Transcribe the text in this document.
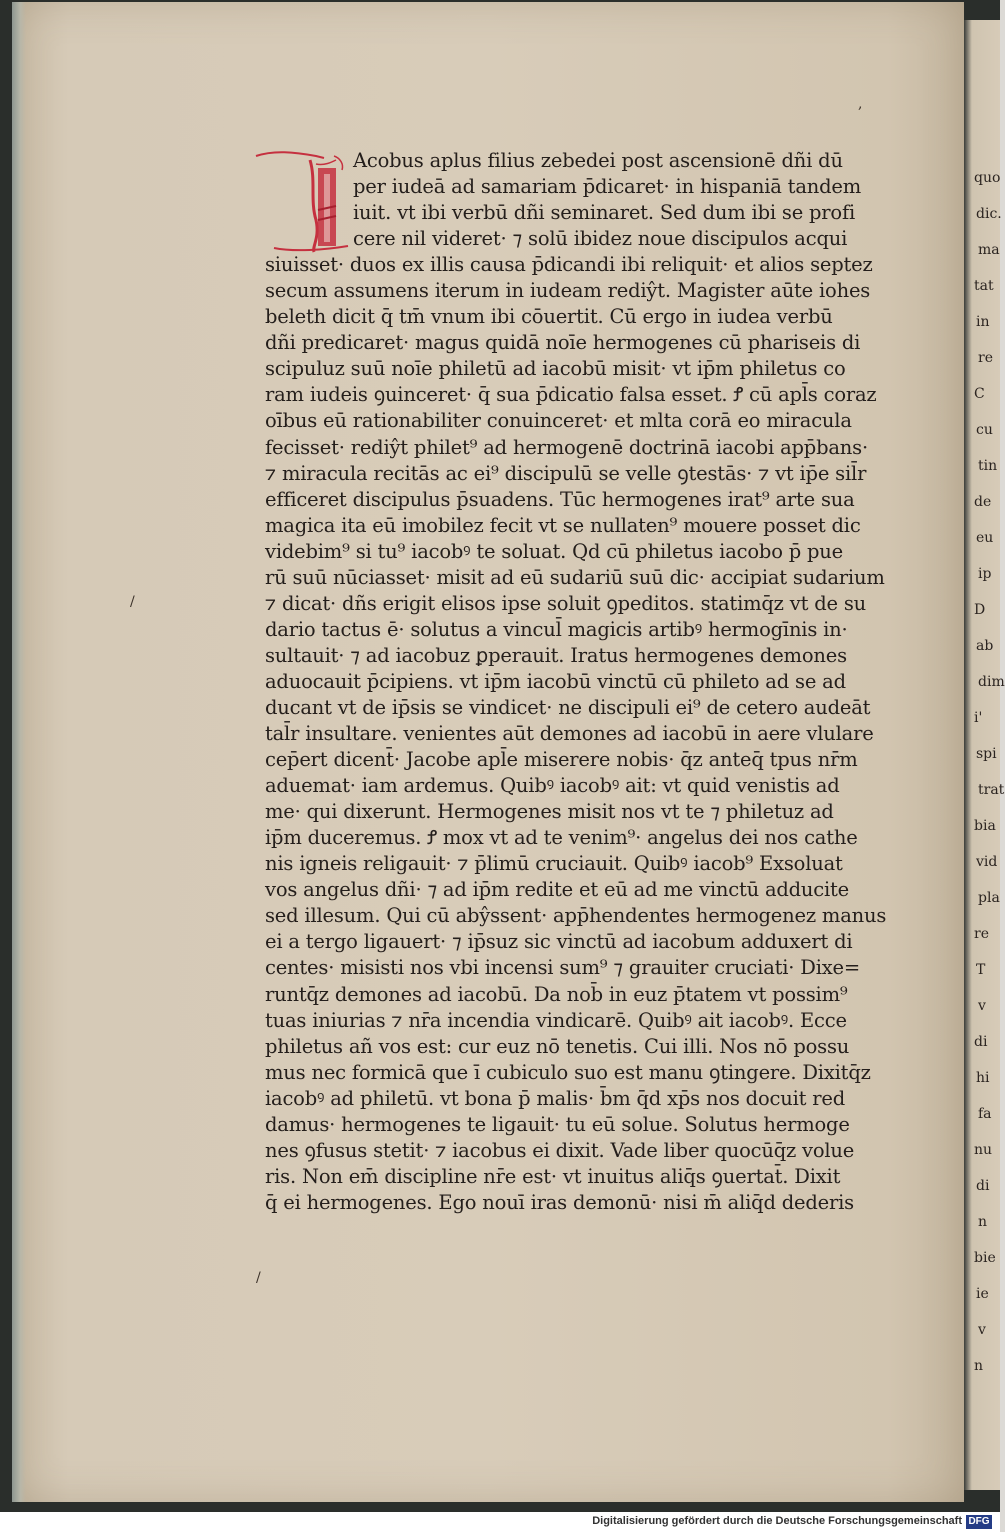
quo
dic.
ma
tat
in
re
C
cu
tin
de
eu
ip
D
ab
dim
i'
spi
trat
bia
vid
pla
re
T
v
di
hi
fa
nu
di
n
bie
ie
v
n
Acobus aplus filius zebedei post ascensionē dñi dū
per iudeā ad samariam p̄dicaret· in hispaniā tandem
iuit. vt ibi verbū dñi seminaret. Sed dum ibi se profi
cere nil videret· ⁊ solū ibidez noue discipulos acqui
siuisset· duos ex illis causa p̄dicandi ibi reliquit· et alios septez
secum assumens iterum in iudeam rediŷt. Magister aūte iohes
beleth dicit q̄ tm̄ vnum ibi cōuertit. Cū ergo in iudea verbū
dñi predicaret· magus quidā noīe hermogenes cū phariseis di
scipuluz suū noīe philetū ad iacobū misit· vt ip̄m philetus co
ram iudeis ꝯuinceret· q̄ sua p̄dicatio falsa esset. Ꝭ cū apl̄s coraz
oībus eū rationabiliter conuinceret· et mlta corā eo miracula
fecisset· rediŷt philet⁹ ad hermogenē doctrinā iacobi app̄bans·
⁊ miracula recitās ac ei⁹ discipulū se velle ꝯtestās· ⁊ vt ip̄e sil̄r
efficeret discipulus p̄suadens. Tūc hermogenes irat⁹ arte sua
magica ita eū imobilez fecit vt se nullaten⁹ mouere posset dic
videbim⁹ si tu⁹ iacobꝰ te soluat. Qd cū philetus iacobo p̄ pue
rū suū nūciasset· misit ad eū sudariū suū dic· accipiat sudarium
⁊ dicat· dñs erigit elisos ipse soluit ꝯpeditos. statimq̄z vt de su
dario tactus ē· solutus a vincul̄ magicis artibꝰ hermogīnis in·
sultauit· ⁊ ad iacobuz ꝑperauit. Iratus hermogenes demones
aduocauit p̄cipiens. vt ip̄m iacobū vinctū cū phileto ad se ad
ducant vt de ip̄sis se vindicet· ne discipuli ei⁹ de cetero audeāt
tal̄r insultare. venientes aūt demones ad iacobū in aere vlulare
cep̄ert dicent̄· Jacobe apl̄e miserere nobis· q̄z anteq̄ tpus nr̄m
aduemat· iam ardemus. Quibꝰ iacobꝰ ait: vt quid venistis ad
me· qui dixerunt. Hermogenes misit nos vt te ⁊ philetuz ad
ip̄m duceremus. Ꝭ mox vt ad te venim⁹· angelus dei nos cathe
nis igneis religauit· ⁊ p̄limū cruciauit. Quibꝰ iacob⁹ Exsoluat
vos angelus dñi· ⁊ ad ip̄m redite et eū ad me vinctū adducite
sed illesum. Qui cū abŷssent· app̄hendentes hermogenez manus
ei a tergo ligauert· ⁊ ip̄suz sic vinctū ad iacobum adduxert di
centes· misisti nos vbi incensi sum⁹ ⁊ grauiter cruciati· Dixe=
runtq̄z demones ad iacobū. Da nob̄ in euz p̄tatem vt possim⁹
tuas iniurias ⁊ nr̄a incendia vindicarē. Quibꝰ ait iacobꝰ. Ecce
philetus añ vos est: cur euz nō tenetis. Cui illi. Nos nō possu
mus nec formicā que ī cubiculo suo est manu ꝯtingere. Dixitq̄z
iacobꝰ ad philetū. vt bona p̄ malis· b̄m q̄d xp̄s nos docuit red
damus· hermogenes te ligauit· tu eū solue. Solutus hermoge
nes ꝯfusus stetit· ⁊ iacobus ei dixit. Vade liber quocūq̄z volue
ris. Non em̄ discipline nr̄e est· vt inuitus aliq̄s ꝯuertat̄. Dixit
q̄ ei hermogenes. Ego nouī iras demonū· nisi m̄ aliq̄d dederis
/
/
,
Digitalisierung gefördert durch die Deutsche Forschungsgemeinschaft DFG
